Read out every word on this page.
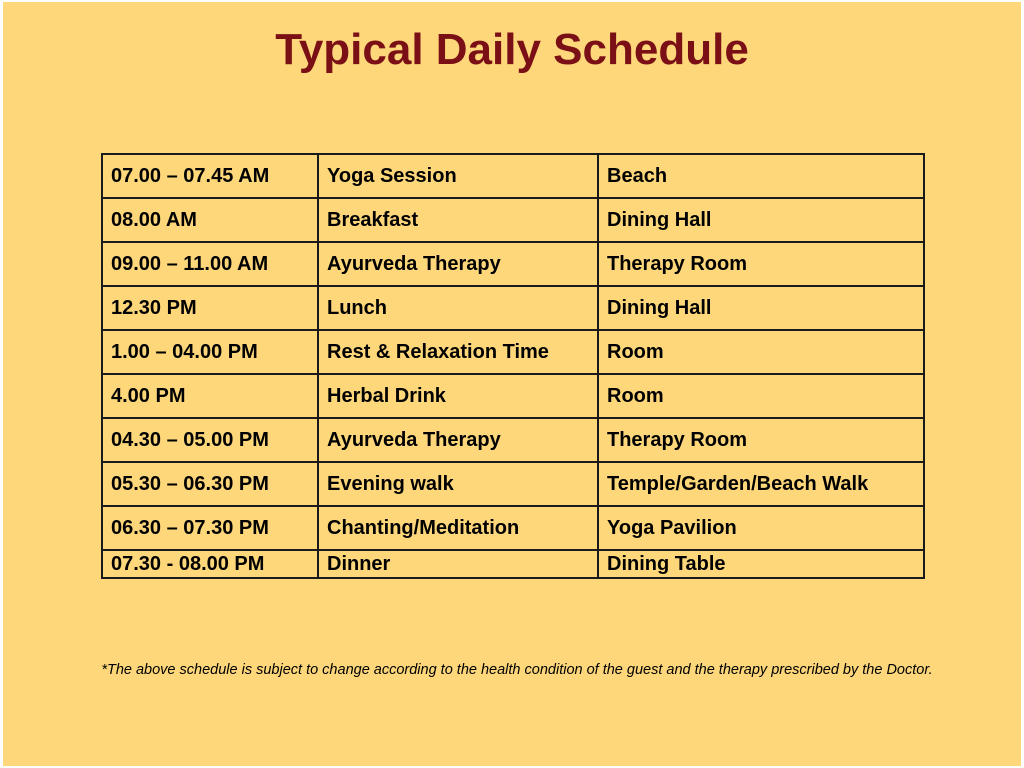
Typical Daily Schedule
07.00 – 07.45 AM	Yoga Session	Beach
08.00 AM	Breakfast	Dining Hall
09.00 – 11.00 AM	Ayurveda Therapy	Therapy Room
12.30 PM	Lunch	Dining Hall
1.00 – 04.00 PM	Rest & Relaxation Time	Room
4.00 PM	Herbal Drink	Room
04.30 – 05.00 PM	Ayurveda Therapy	Therapy Room
05.30 – 06.30 PM	Evening walk	Temple/Garden/Beach Walk
06.30 – 07.30 PM	Chanting/Meditation	Yoga Pavilion
07.30 - 08.00 PM	Dinner	Dining Table

*The above schedule is subject to change according to the health condition of the guest and the therapy prescribed by the Doctor.
